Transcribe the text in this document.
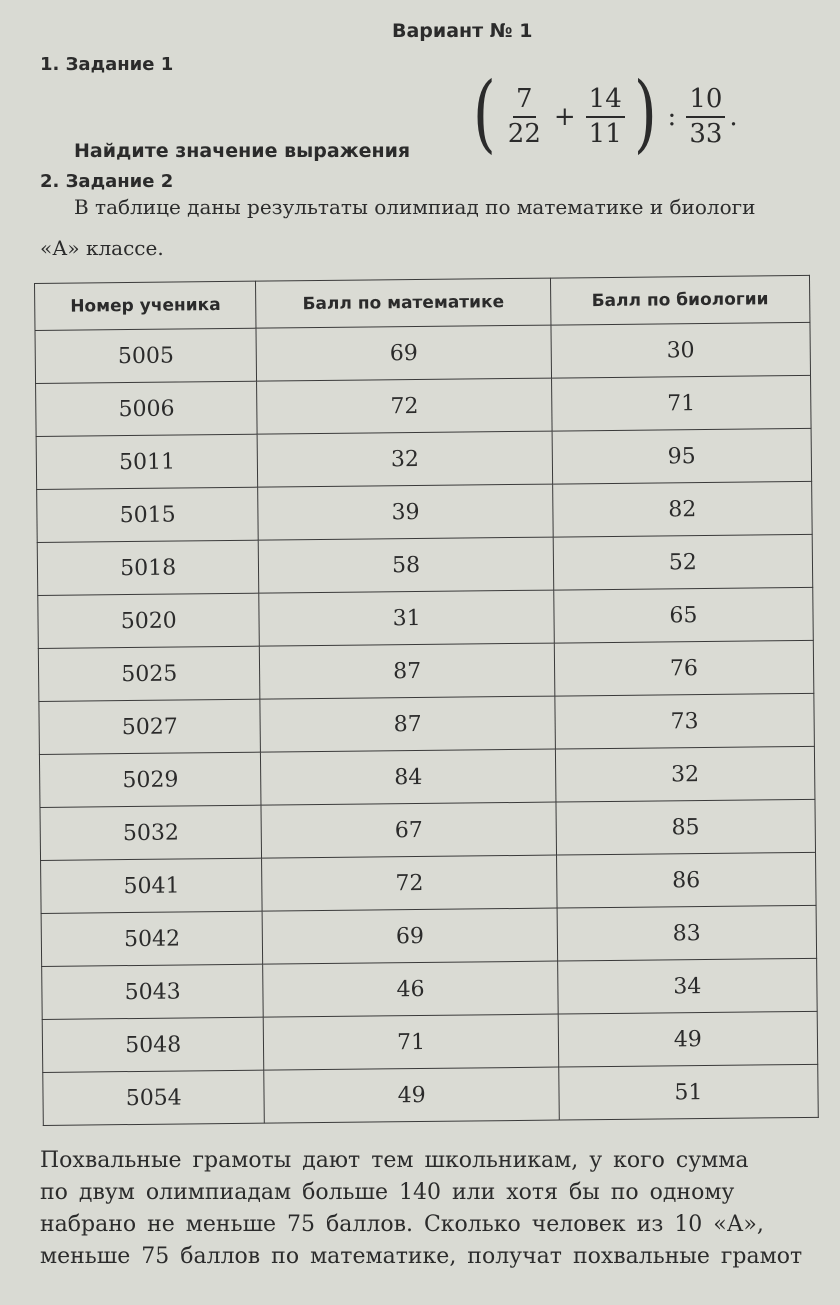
Вариант № 1
1. Задание 1
Найдите значение выражения ( $\frac{7}{22} + \frac{14}{11}$ ) : $\frac{10}{33}$ .
2. Задание 2
В таблице даны результаты олимпиад по математике и биологи
«А» классе.
Номер ученика	Балл по математике	Балл по биологии
5005	69	30
5006	72	71
5011	32	95
5015	39	82
5018	58	52
5020	31	65
5025	87	76
5027	87	73
5029	84	32
5032	67	85
5041	72	86
5042	69	83
5043	46	34
5048	71	49
5054	49	51
Похвальные грамоты дают тем школьникам, у кого сумма
по двум олимпиадам больше 140 или хотя бы по одному
набрано не меньше 75 баллов. Сколько человек из 10 «А»,
меньше 75 баллов по математике, получат похвальные грамот
